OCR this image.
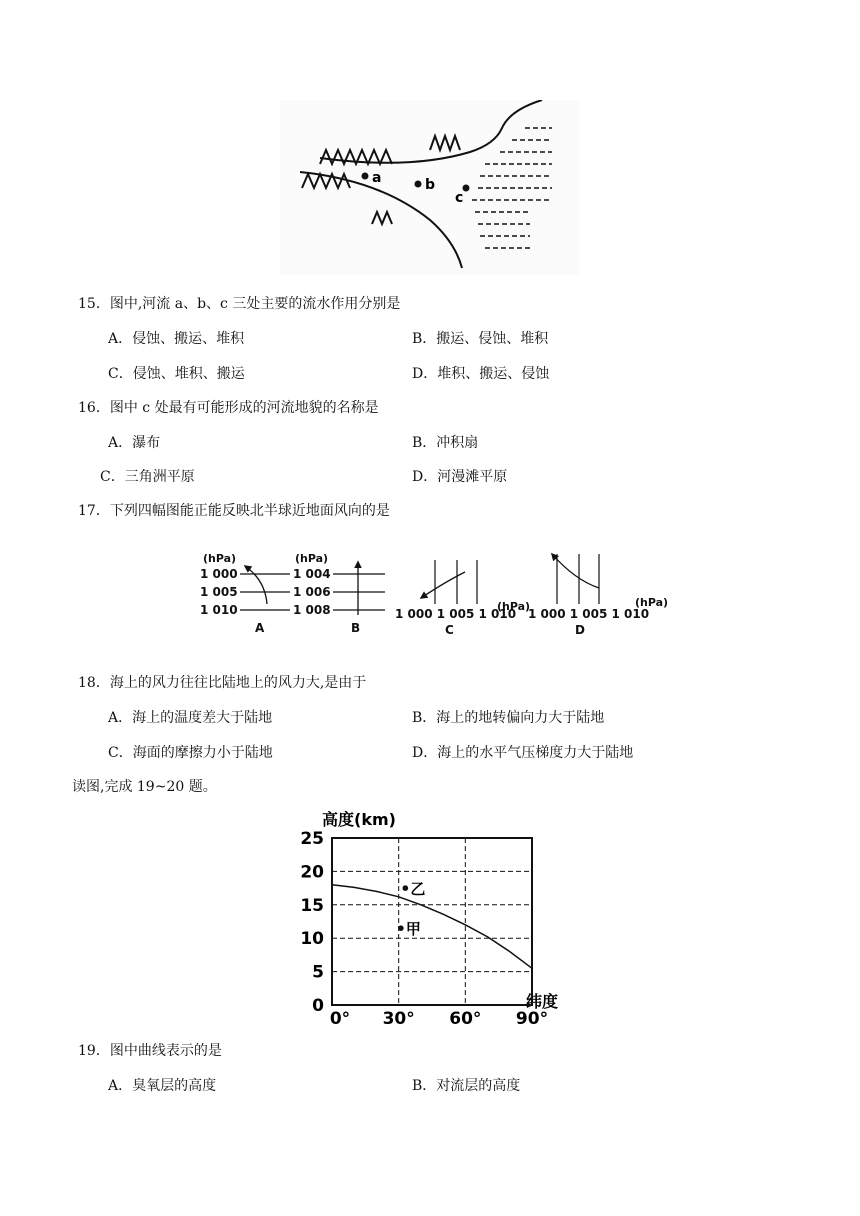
a	b
c
15．图中,河流 a、b、c 三处主要的流水作用分别是
A．侵蚀、搬运、堆积	B．搬运、侵蚀、堆积
C．侵蚀、堆积、搬运	D．堆积、搬运、侵蚀
16．图中 c 处最有可能形成的河流地貌的名称是
A．瀑布	B．冲积扇
C．三角洲平原	D．河漫滩平原
17．下列四幅图能正能反映北半球近地面风向的是
(hPa)
1 000
1 005
1 010
A
(hPa)
1 004
1 006
1 008
B
1 000 1 005 1 010
(hPa)
C
1 000 1 005 1 010
(hPa)
D
18．海上的风力往往比陆地上的风力大,是由于
A．海上的温度差大于陆地	B．海上的地转偏向力大于陆地
C．海面的摩擦力小于陆地	D．海上的水平气压梯度力大于陆地
读图,完成 19~20 题。
高度(km)
纬度
0
5
10
15
20
25
0° 30° 60° 90°
乙
甲
19．图中曲线表示的是
A．臭氧层的高度	B．对流层的高度
